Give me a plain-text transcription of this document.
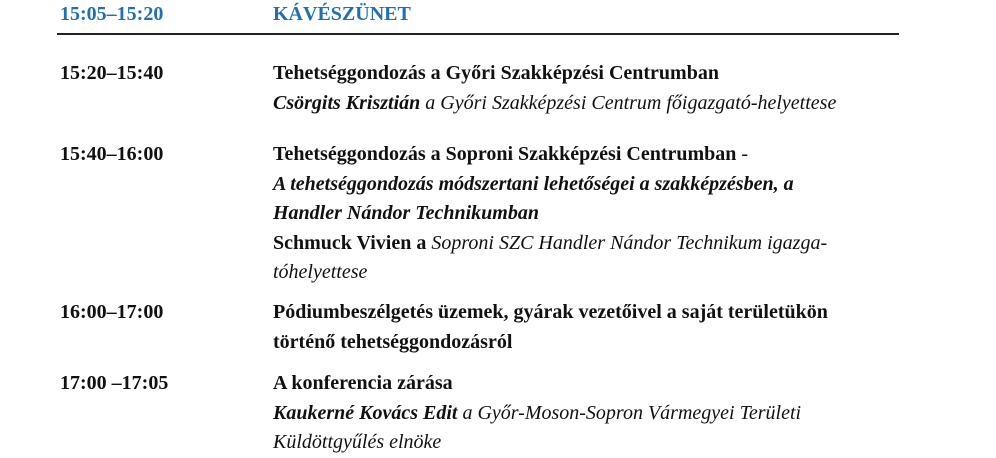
15:05–15:20	KÁVÉSZÜNET
15:20–15:40	Tehetséggondozás a Győri Szakképzési Centrumban
Csörgits Krisztián a Győri Szakképzési Centrum főigazgató-helyettese
15:40–16:00	Tehetséggondozás a Soproni Szakképzési Centrumban -
A tehetséggondozás módszertani lehetőségei a szakképzésben, a
Handler Nándor Technikumban
Schmuck Vivien a Soproni SZC Handler Nándor Technikum igazga-
tóhelyettese
16:00–17:00	Pódiumbeszélgetés üzemek, gyárak vezetőivel a saját területükön
történő tehetséggondozásról
17:00 –17:05	A konferencia zárása
Kaukerné Kovács Edit a Győr-Moson-Sopron Vármegyei Területi
Küldöttgyűlés elnöke
